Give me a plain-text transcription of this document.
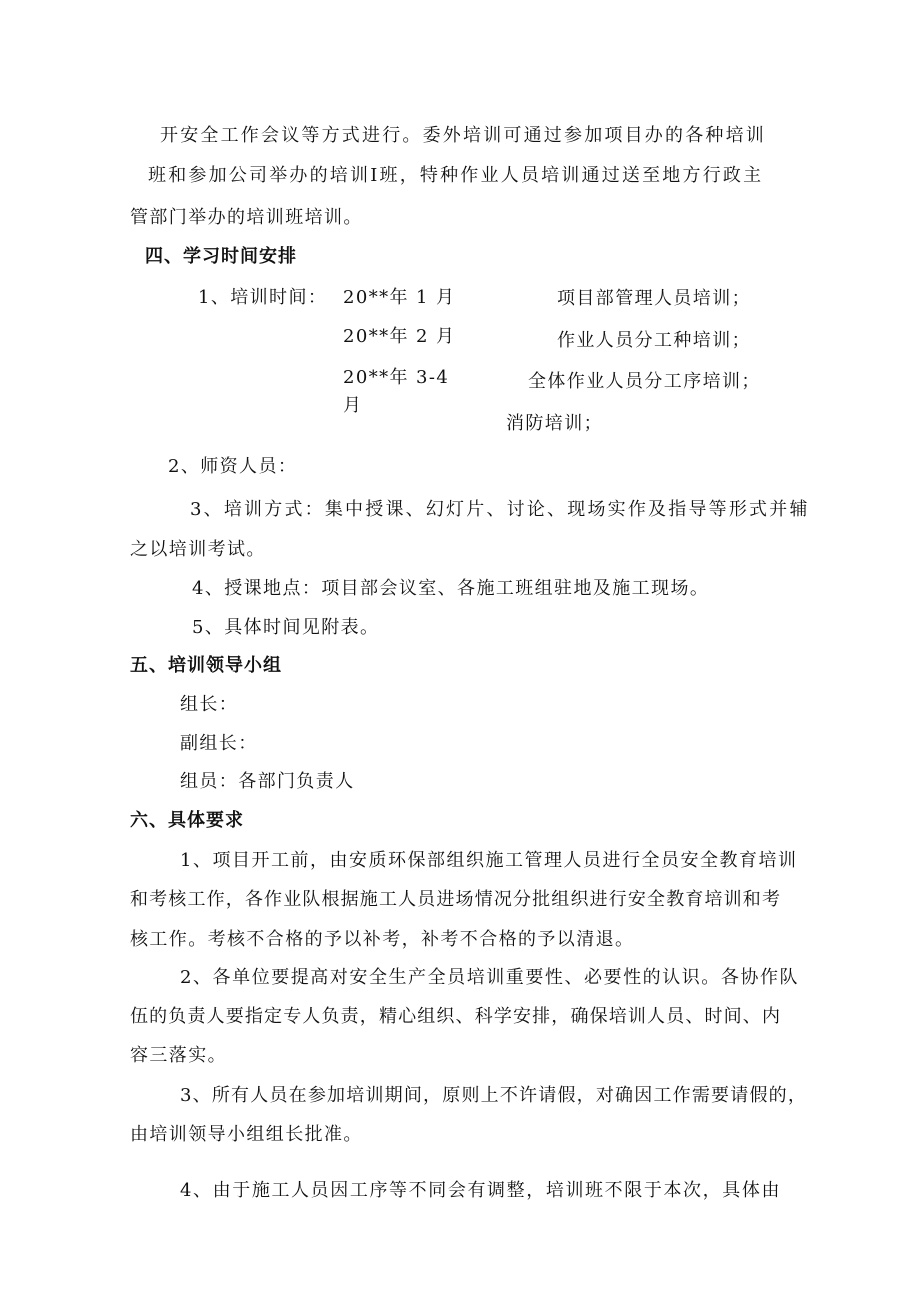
开安全工作会议等方式进行。委外培训可通过参加项目办的各种培训
班和参加公司举办的培训Ⅰ班，特种作业人员培训通过送至地方行政主
管部门举办的培训班培训。
四、学习时间安排
1、培训时间： 20**年 1 月	项目部管理人员培训；
20**年 2 月	作业人员分工种培训；
20**年 3-4
月
全体作业人员分工序培训；
消防培训；
2、师资人员：
3、培训方式：集中授课、幻灯片、讨论、现场实作及指导等形式并辅
之以培训考试。
4、授课地点：项目部会议室、各施工班组驻地及施工现场。
5、具体时间见附表。
五、培训领导小组
组长：
副组长：
组员：各部门负责人
六、具体要求
1、项目开工前，由安质环保部组织施工管理人员进行全员安全教育培训
和考核工作，各作业队根据施工人员进场情况分批组织进行安全教育培训和考
核工作。考核不合格的予以补考，补考不合格的予以清退。
2、各单位要提高对安全生产全员培训重要性、必要性的认识。各协作队
伍的负责人要指定专人负责，精心组织、科学安排，确保培训人员、时间、内
容三落实。
3、所有人员在参加培训期间，原则上不许请假，对确因工作需要请假的，
由培训领导小组组长批准。
4、由于施工人员因工序等不同会有调整，培训班不限于本次，具体由
